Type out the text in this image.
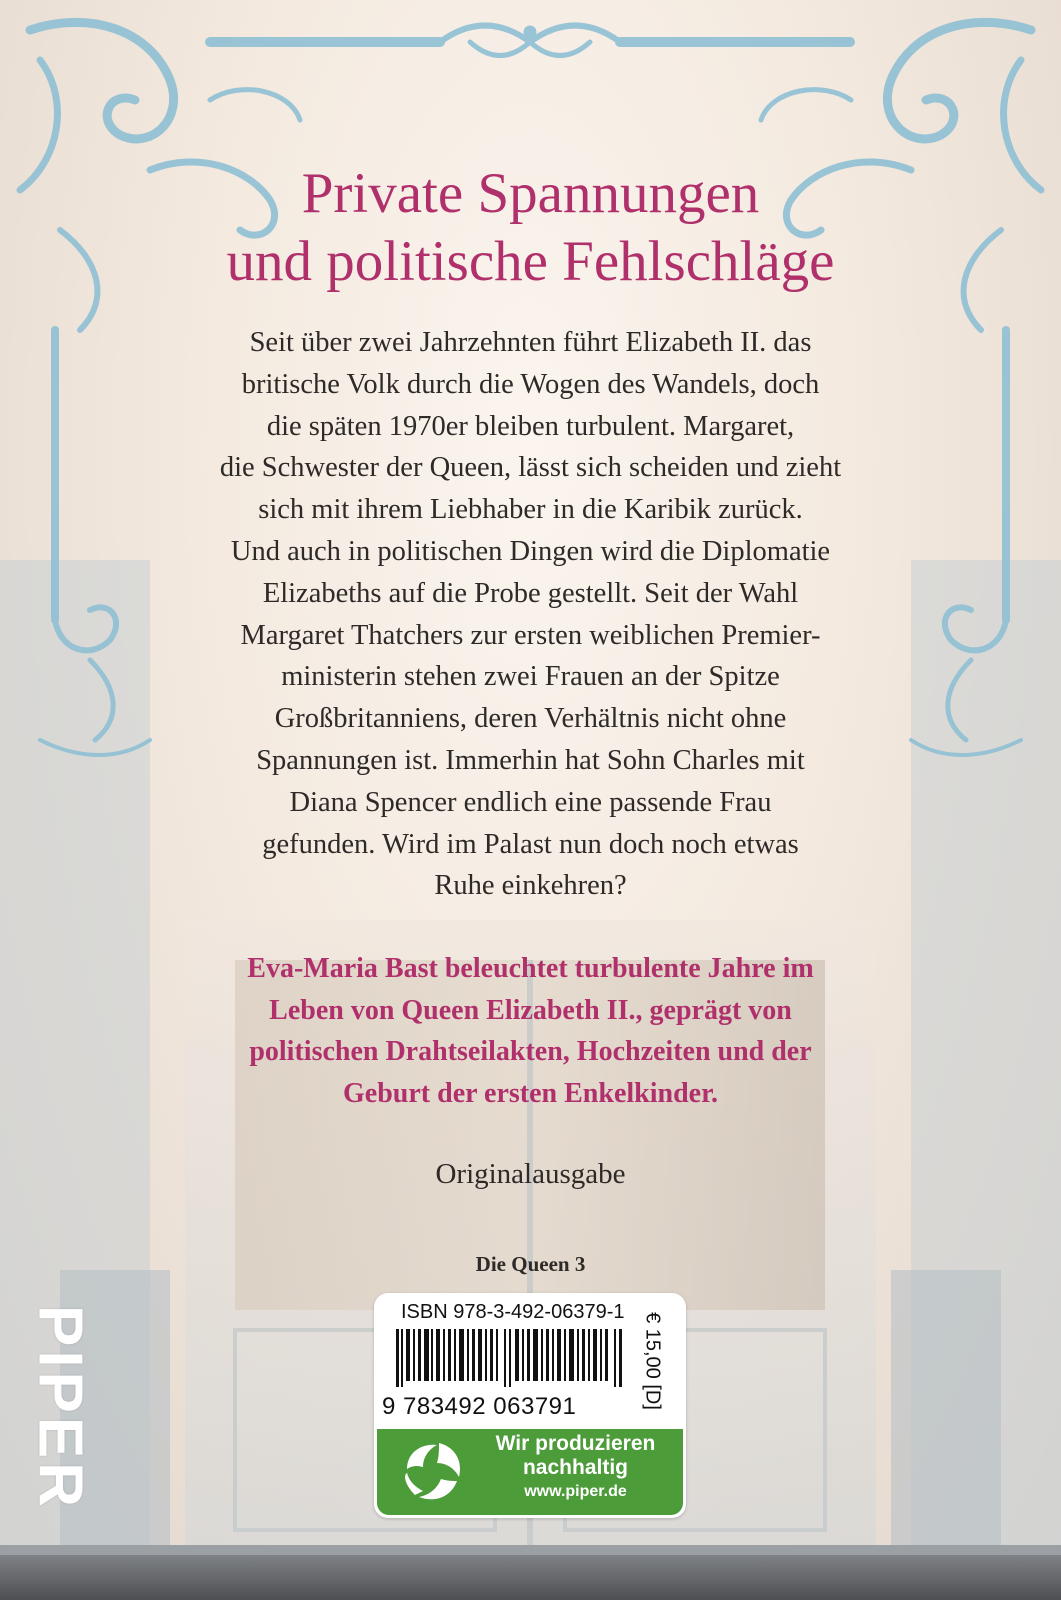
Private Spannungen
und politische Fehlschläge
Seit über zwei Jahrzehnten führt Elizabeth II. das
britische Volk durch die Wogen des Wandels, doch
die späten 1970er bleiben turbulent. Margaret,
die Schwester der Queen, lässt sich scheiden und zieht
sich mit ihrem Liebhaber in die Karibik zurück.
Und auch in politischen Dingen wird die Diplomatie
Elizabeths auf die Probe gestellt. Seit der Wahl
Margaret Thatchers zur ersten weiblichen Premier-
ministerin stehen zwei Frauen an der Spitze
Großbritanniens, deren Verhältnis nicht ohne
Spannungen ist. Immerhin hat Sohn Charles mit
Diana Spencer endlich eine passende Frau
gefunden. Wird im Palast nun doch noch etwas
Ruhe einkehren?
Eva-Maria Bast beleuchtet turbulente Jahre im
Leben von Queen Elizabeth II., geprägt von
politischen Drahtseilakten, Hochzeiten und der
Geburt der ersten Enkelkinder.
Originalausgabe
Die Queen 3
PIPER	ISBN 978-3-492-06379-1
9 783492 063791	€ 15,00 [D]
Wir produzieren
nachhaltig
www.piper.de
